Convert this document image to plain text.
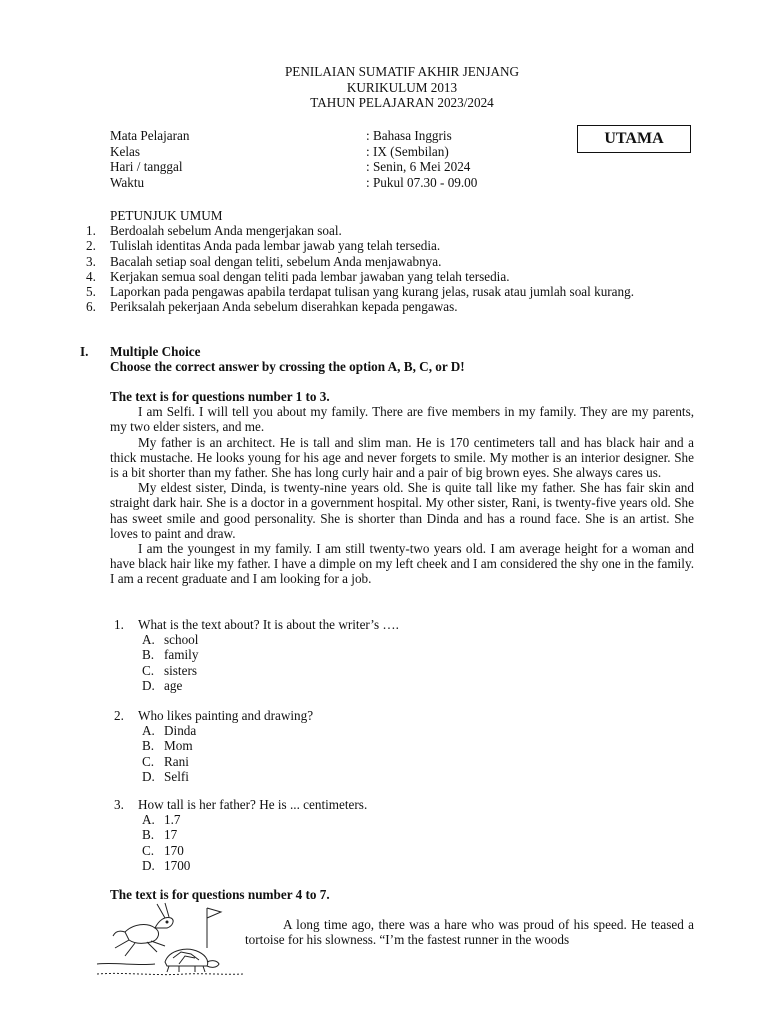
PENILAIAN SUMATIF AKHIR JENJANG
KURIKULUM 2013
TAHUN PELAJARAN 2023/2024
Mata Pelajaran	: Bahasa Inggris
Kelas	: IX (Sembilan)
Hari / tanggal	: Senin, 6 Mei 2024
Waktu	: Pukul 07.30 - 09.00
UTAMA
PETUNJUK UMUM
1.	Berdoalah sebelum Anda mengerjakan soal.
2.	Tulislah identitas Anda pada lembar jawab yang telah tersedia.
3.	Bacalah setiap soal dengan teliti, sebelum Anda menjawabnya.
4.	Kerjakan semua soal dengan teliti pada lembar jawaban yang telah tersedia.
5.	Laporkan pada pengawas apabila terdapat tulisan yang kurang jelas, rusak atau jumlah soal kurang.
6.	Periksalah pekerjaan Anda sebelum diserahkan kepada pengawas.
I.	Multiple Choice
Choose the correct answer by crossing the option A, B, C, or D!
The text is for questions number 1 to 3.

I am Selfi. I will tell you about my family. There are five members in my family. They are my parents, my two elder sisters, and me.

My father is an architect. He is tall and slim man. He is 170 centimeters tall and has black hair and a thick mustache. He looks young for his age and never forgets to smile. My mother is an interior designer. She is a bit shorter than my father. She has long curly hair and a pair of big brown eyes. She always cares us.

My eldest sister, Dinda, is twenty-nine years old. She is quite tall like my father. She has fair skin and straight dark hair. She is a doctor in a government hospital. My other sister, Rani, is twenty-five years old. She has sweet smile and good personality. She is shorter than Dinda and has a round face. She is an artist. She loves to paint and draw.

I am the youngest in my family. I am still twenty-two years old. I am average height for a woman and have black hair like my father. I have a dimple on my left cheek and I am considered the shy one in the family. I am a recent graduate and I am looking for a job.

1.	What is the text about? It is about the writer’s ….
A. school
B. family
C. sisters
D. age
2.	Who likes painting and drawing?
A. Dinda
B. Mom
C. Rani
D. Selfi
3.	How tall is her father? He is ... centimeters.
A. 1.7
B. 17
C. 170
D. 1700
The text is for questions number 4 to 7.

A long time ago, there was a hare who was proud of his speed. He teased a tortoise for his slowness. “I’m the fastest runner in the woods
